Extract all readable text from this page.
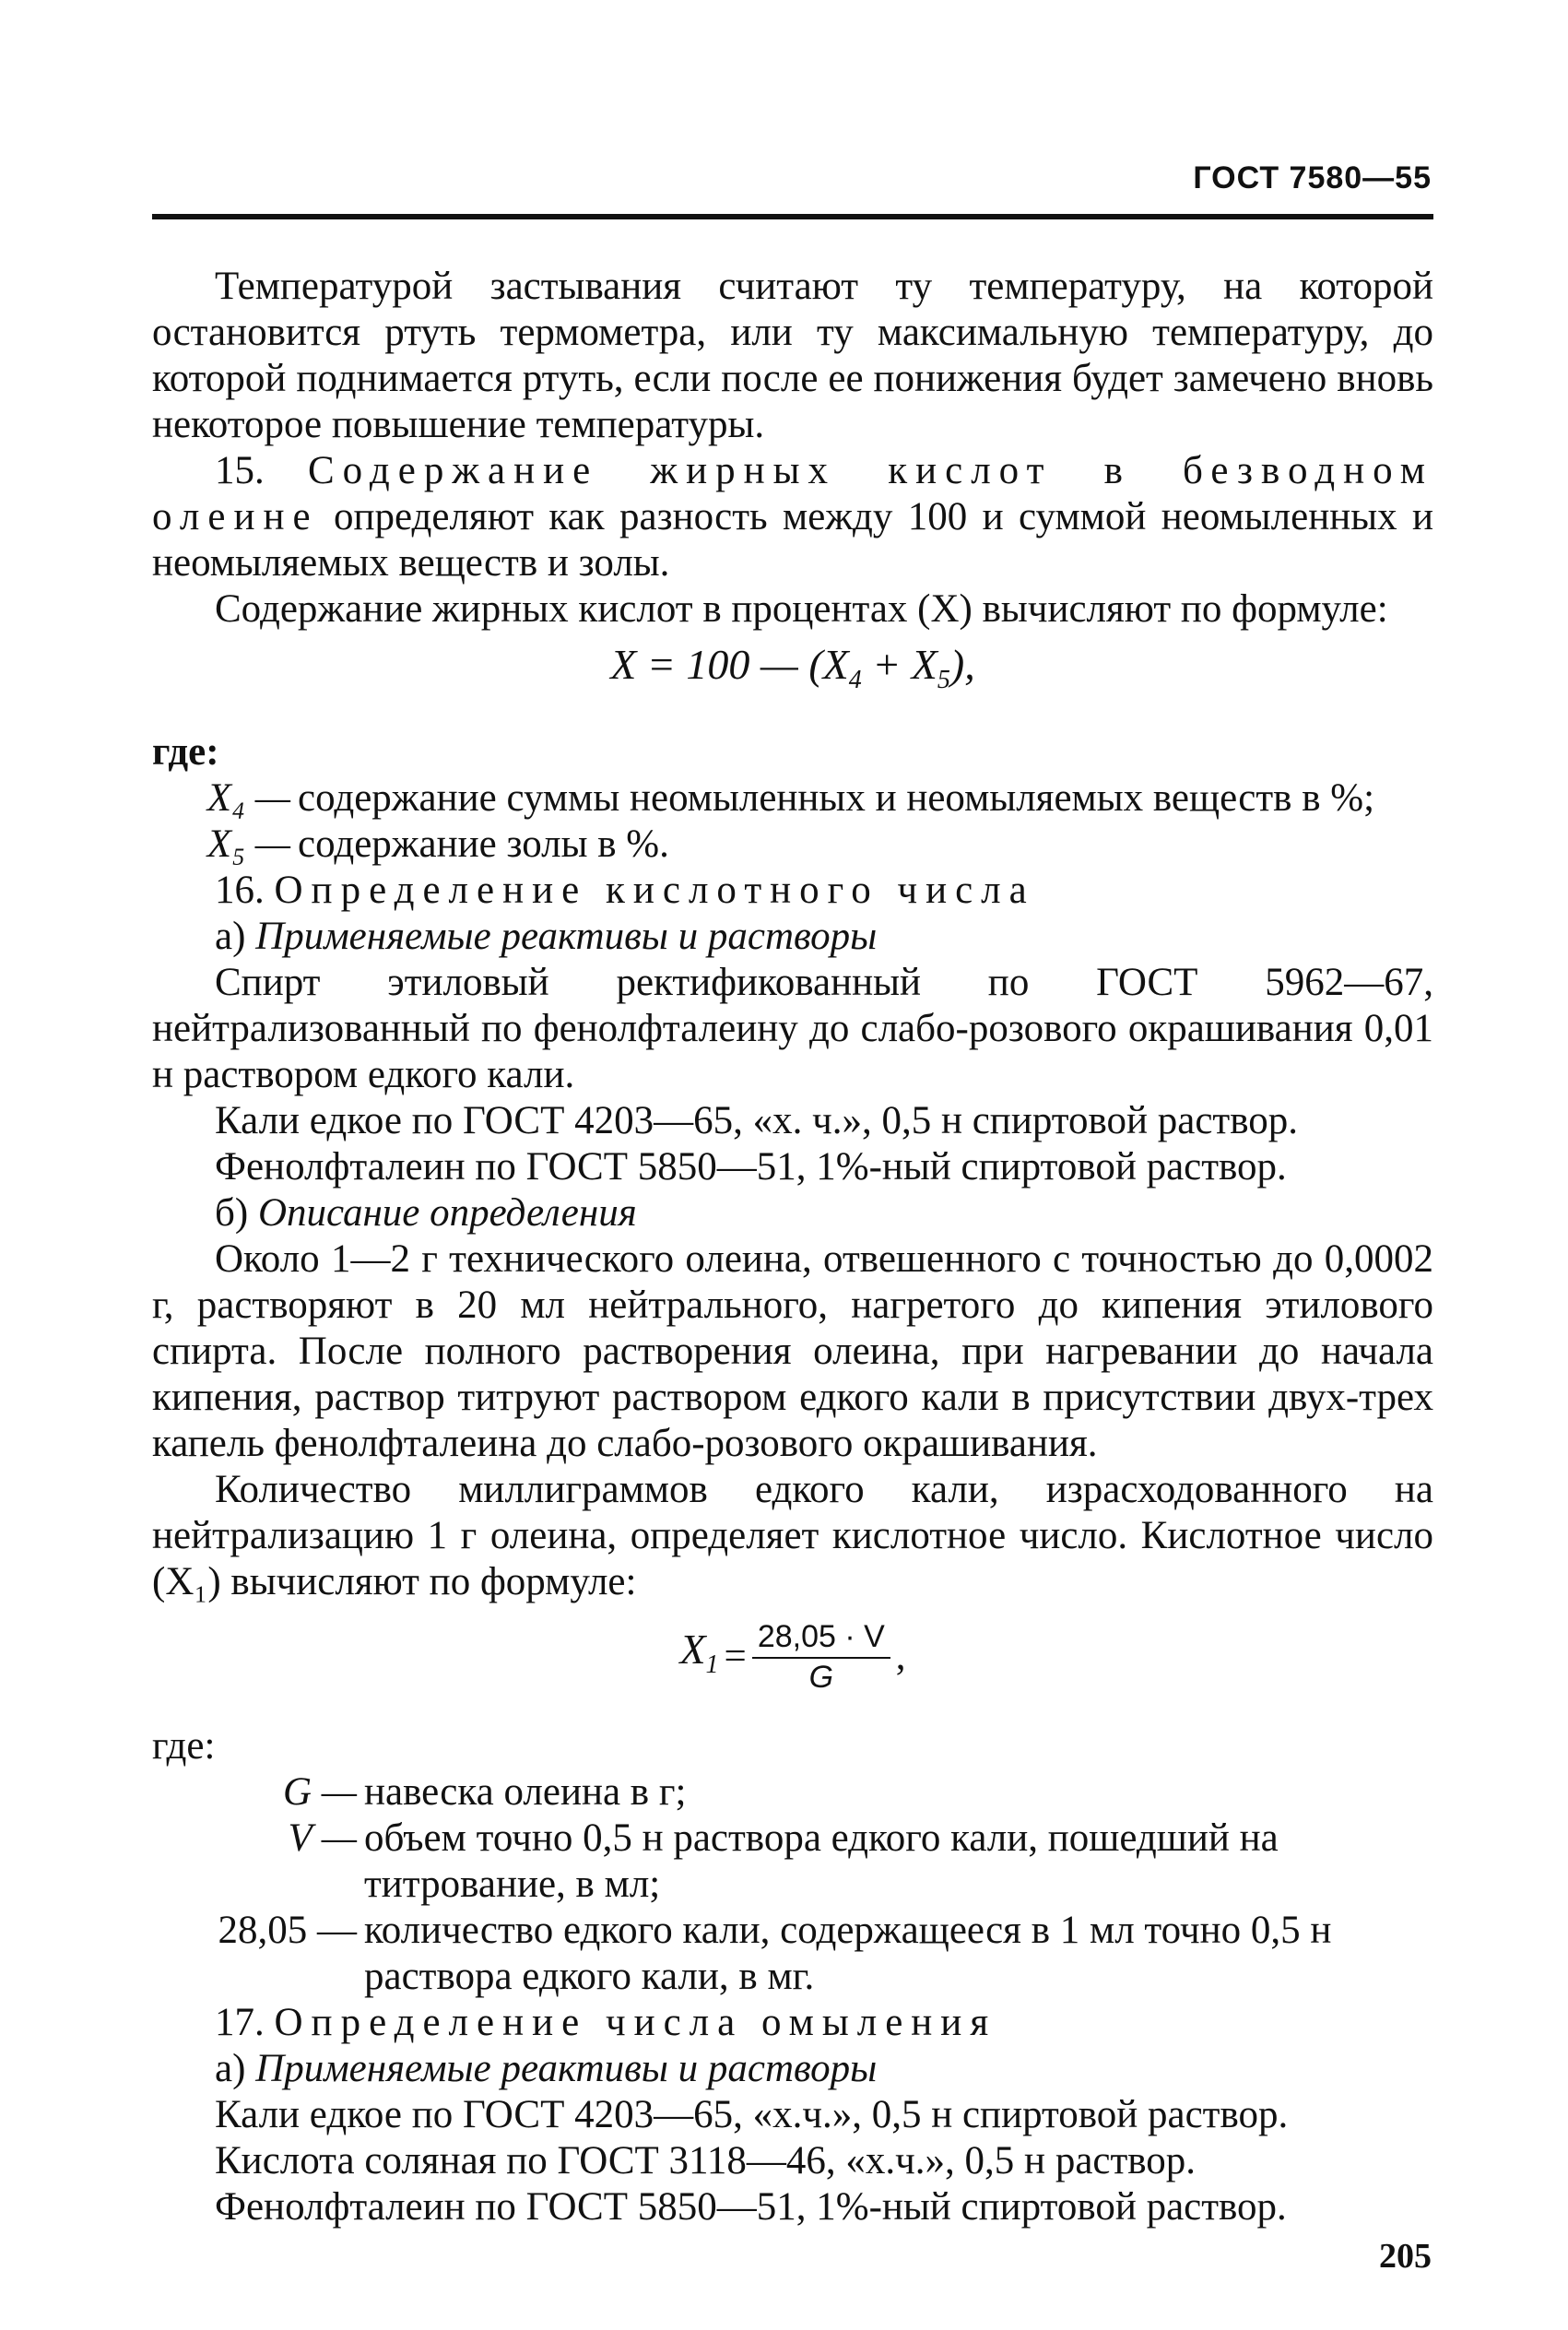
ГОСТ 7580—55

Температурой застывания считают ту температуру, на которой остановится ртуть термометра, или ту максимальную температуру, до которой поднимается ртуть, если после ее понижения будет замечено вновь некоторое повышение температуры.

15. Содержание жирных кислот в безводном олеине определяют как разность между 100 и суммой неомыленных и неомыляемых веществ и золы.

Содержание жирных кислот в процентах (X) вычисляют по формуле:

X = 100 — $(X_4 + X_5)$,

где:

X₄ — содержание суммы неомыленных и неомыляемых веществ в %;
X₅ — содержание золы в %.

16. Определение кислотного числа

а) Применяемые реактивы и растворы

Спирт этиловый ректификованный по ГОСТ 5962—67, нейтрализованный по фенолфталеину до слабо-розового окрашивания 0,01 н раствором едкого кали.

Кали едкое по ГОСТ 4203—65, «х. ч.», 0,5 н спиртовой раствор.

Фенолфталеин по ГОСТ 5850—51, 1%-ный спиртовой раствор.

б) Описание определения

Около 1—2 г технического олеина, отвешенного с точностью до 0,0002 г, растворяют в 20 мл нейтрального, нагретого до кипения этилового спирта. После полного растворения олеина, при нагревании до начала кипения, раствор титруют раствором едкого кали в присутствии двух-трех капель фенолфталеина до слабо-розового окрашивания.

Количество миллиграммов едкого кали, израсходованного на нейтрализацию 1 г олеина, определяет кислотное число. Кислотное число (X₁) вычисляют по формуле:

$X_1 = \frac{28,05 \cdot V}{G}$ ,

где:

G — навеска олеина в г;
V — объем точно 0,5 н раствора едкого кали, пошедший на
титрование, в мл;
28,05 — количество едкого кали, содержащееся в 1 мл точно 0,5 н
раствора едкого кали, в мг.

17. Определение числа омыления

а) Применяемые реактивы и растворы

Кали едкое по ГОСТ 4203—65, «х.ч.», 0,5 н спиртовой раствор.

Кислота соляная по ГОСТ 3118—46, «х.ч.», 0,5 н раствор.

Фенолфталеин по ГОСТ 5850—51, 1%-ный спиртовой раствор.

205
